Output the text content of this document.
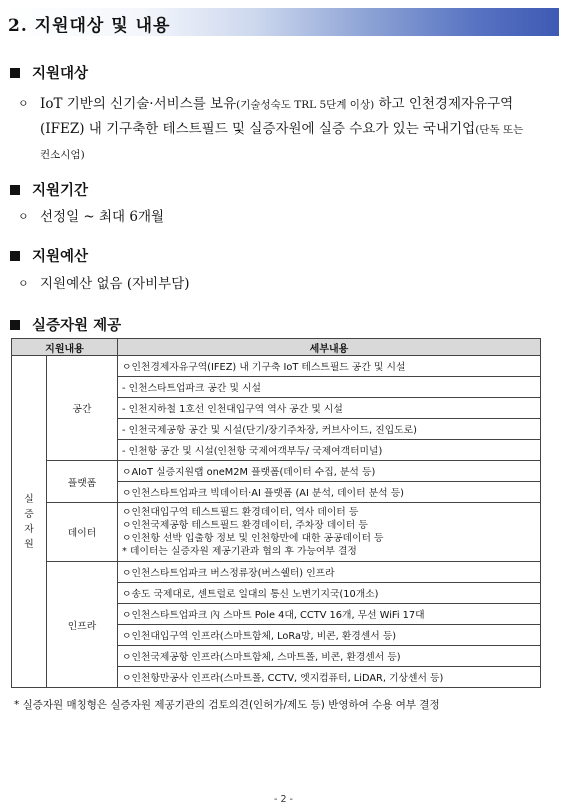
2. 지원대상 및 내용
지원대상
ㅇ IoT 기반의 신기술·서비스를 보유(기술성숙도 TRL 5단계 이상) 하고 인천경제자유구역(IFEZ) 내 기구축한 테스트필드 및 실증자원에 실증 수요가 있는 국내기업(단독 또는 컨소시엄)
지원기간
ㅇ 선정일 ~ 최대 6개월
지원예산
ㅇ 지원예산 없음 (자비부담)
실증자원 제공
지원내용		세부내용

실증자원	공간	ㅇ인천경제자유구역(IFEZ) 내 기구축 IoT 테스트필드 공간 및 시설
		- 인천스타트업파크 공간 및 시설
		- 인천지하철 1호선 인천대입구역 역사 공간 및 시설
		- 인천국제공항 공간 및 시설(단기/장기주차장, 커브사이드, 진입도로)
		- 인천항 공간 및 시설(인천항 국제여객부두/ 국제여객터미널)
	플랫폼	ㅇAIoT 실증지원랩 oneM2M 플랫폼(데이터 수집, 분석 등)
		ㅇ인천스타트업파크 빅데이터·AI 플랫폼 (AI 분석, 데이터 분석 등)
	데이터	ㅇ인천대입구역 테스트필드 환경데이터, 역사 데이터 등
ㅇ인천국제공항 테스트필드 환경데이터, 주차장 데이터 등
ㅇ인천항 선박 입출항 정보 및 인천항만에 대한 공공데이터 등
* 데이터는 실증자원 제공기관과 협의 후 가능여부 결정

	인프라	ㅇ인천스타트업파크 버스정류장(버스쉘터) 인프라
		ㅇ송도 국제대로, 센트럴로 일대의 통신 노변기지국(10개소)
		ㅇ인천스타트업파크 內 스마트 Pole 4대, CCTV 16개, 무선 WiFi 17대
		ㅇ인천대입구역 인프라(스마트함체, LoRa망, 비콘, 환경센서 등)
		ㅇ인천국제공항 인프라(스마트함체, 스마트폴, 비콘, 환경센서 등)
		ㅇ인천항만공사 인프라(스마트폴, CCTV, 엣지컴퓨터, LiDAR, 기상센서 등)
* 실증자원 매칭형은 실증자원 제공기관의 검토의견(인허가/제도 등) 반영하여 수용 여부 결정
- 2 -
